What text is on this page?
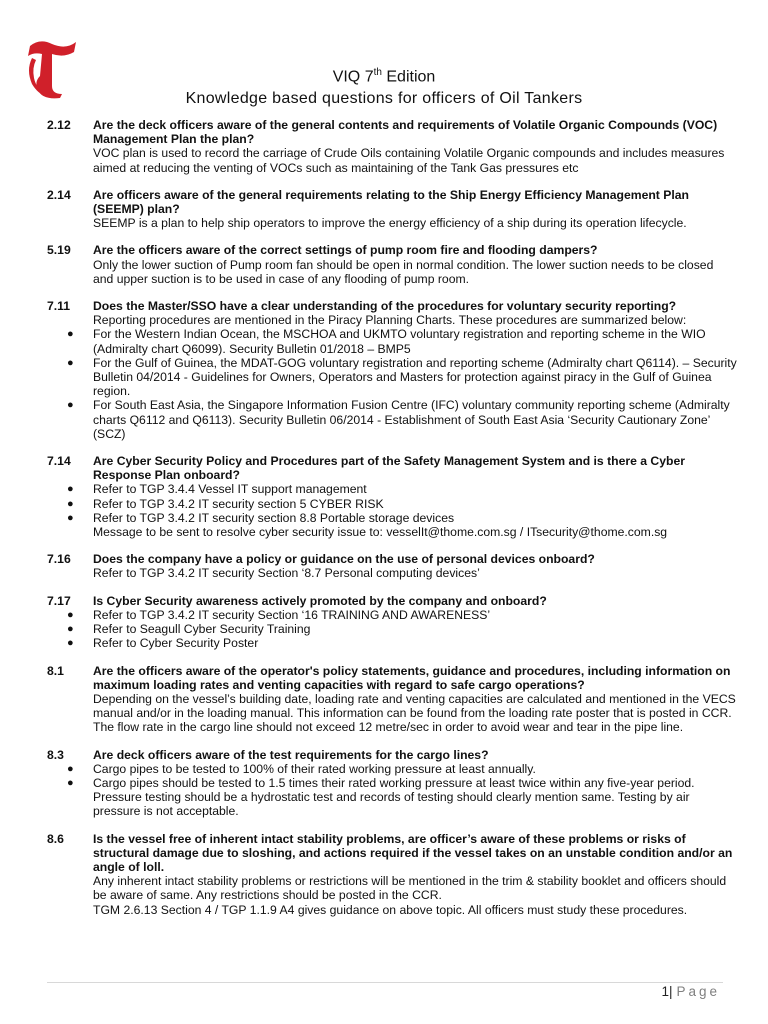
VIQ 7th Edition
Knowledge based questions for officers of Oil Tankers
2.12	Are the deck officers aware of the general contents and requirements of Volatile Organic Compounds (VOC) Management Plan the plan?
VOC plan is used to record the carriage of Crude Oils containing Volatile Organic compounds and includes measures aimed at reducing the venting of VOCs such as maintaining of the Tank Gas pressures etc
2.14	Are officers aware of the general requirements relating to the Ship Energy Efficiency Management Plan (SEEMP) plan?
SEEMP is a plan to help ship operators to improve the energy efficiency of a ship during its operation lifecycle.
5.19	Are the officers aware of the correct settings of pump room fire and flooding dampers?
Only the lower suction of Pump room fan should be open in normal condition. The lower suction needs to be closed and upper suction is to be used in case of any flooding of pump room.
7.11	Does the Master/SSO have a clear understanding of the procedures for voluntary security reporting?
Reporting procedures are mentioned in the Piracy Planning Charts. These procedures are summarized below:
● For the Western Indian Ocean, the MSCHOA and UKMTO voluntary registration and reporting scheme in the WIO (Admiralty chart Q6099). Security Bulletin 01/2018 – BMP5
● For the Gulf of Guinea, the MDAT-GOG voluntary registration and reporting scheme (Admiralty chart Q6114). – Security Bulletin 04/2014 - Guidelines for Owners, Operators and Masters for protection against piracy in the Gulf of Guinea region.
● For South East Asia, the Singapore Information Fusion Centre (IFC) voluntary community reporting scheme (Admiralty charts Q6112 and Q6113). Security Bulletin 06/2014 - Establishment of South East Asia ‘Security Cautionary Zone’ (SCZ)
7.14	Are Cyber Security Policy and Procedures part of the Safety Management System and is there a Cyber Response Plan onboard?
● Refer to TGP 3.4.4 Vessel IT support management
● Refer to TGP 3.4.2 IT security section 5 CYBER RISK
● Refer to TGP 3.4.2 IT security section 8.8 Portable storage devices
Message to be sent to resolve cyber security issue to: vesselIt@thome.com.sg / ITsecurity@thome.com.sg
7.16	Does the company have a policy or guidance on the use of personal devices onboard?
Refer to TGP 3.4.2 IT security Section ‘8.7 Personal computing devices’
7.17	Is Cyber Security awareness actively promoted by the company and onboard?
● Refer to TGP 3.4.2 IT security Section ‘16 TRAINING AND AWARENESS’
● Refer to Seagull Cyber Security Training
● Refer to Cyber Security Poster
8.1	Are the officers aware of the operator's policy statements, guidance and procedures, including information on maximum loading rates and venting capacities with regard to safe cargo operations?
Depending on the vessel’s building date, loading rate and venting capacities are calculated and mentioned in the VECS manual and/or in the loading manual. This information can be found from the loading rate poster that is posted in CCR.
The flow rate in the cargo line should not exceed 12 metre/sec in order to avoid wear and tear in the pipe line.
8.3	Are deck officers aware of the test requirements for the cargo lines?
● Cargo pipes to be tested to 100% of their rated working pressure at least annually.
● Cargo pipes should be tested to 1.5 times their rated working pressure at least twice within any five-year period.
Pressure testing should be a hydrostatic test and records of testing should clearly mention same. Testing by air pressure is not acceptable.
8.6	Is the vessel free of inherent intact stability problems, are officer’s aware of these problems or risks of structural damage due to sloshing, and actions required if the vessel takes on an unstable condition and/or an angle of loll.
Any inherent intact stability problems or restrictions will be mentioned in the trim & stability booklet and officers should be aware of same. Any restrictions should be posted in the CCR.
TGM 2.6.13 Section 4 / TGP 1.1.9 A4 gives guidance on above topic. All officers must study these procedures.
1| Page
